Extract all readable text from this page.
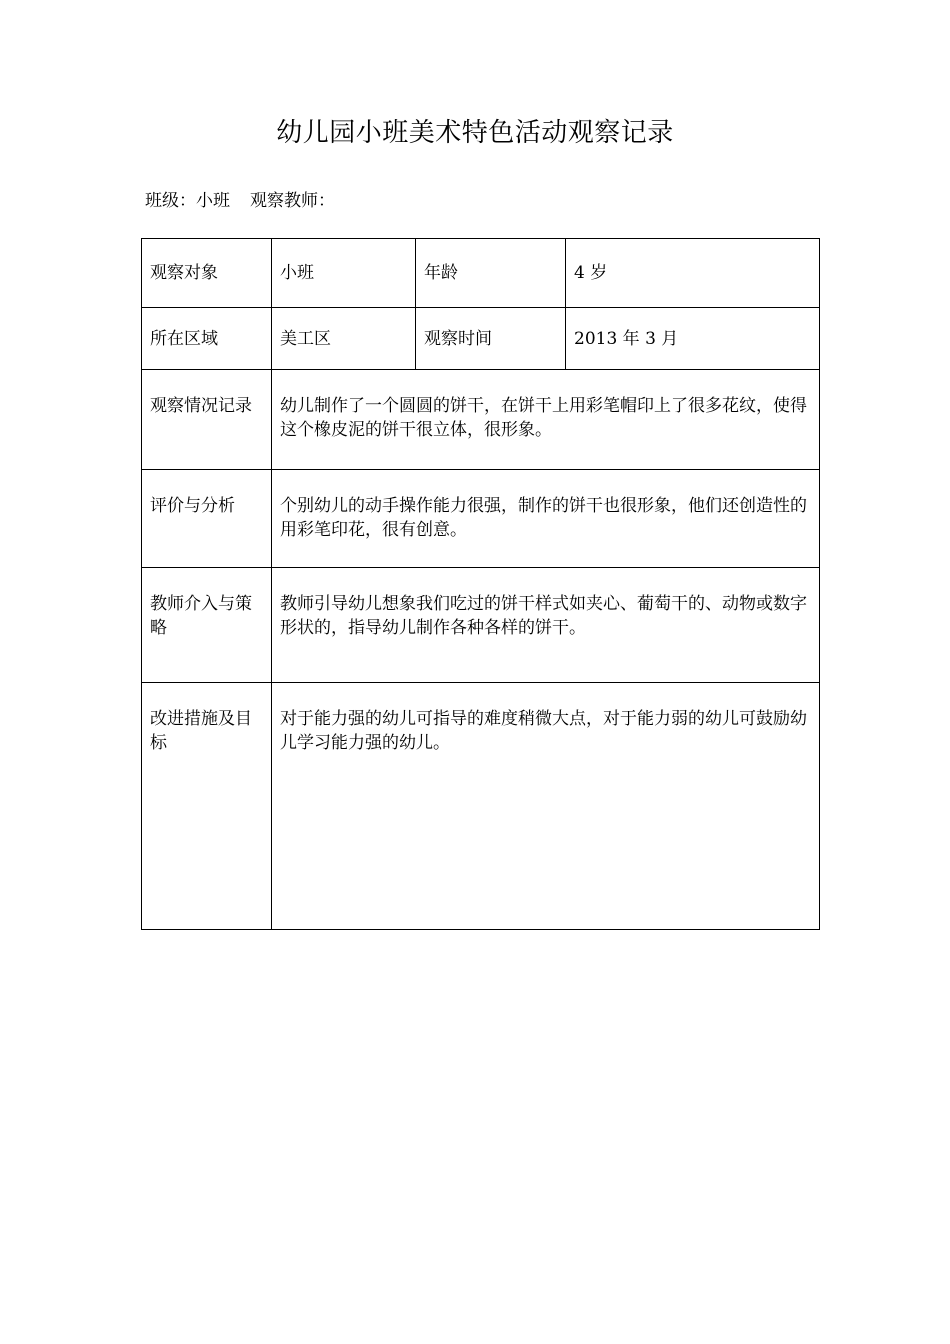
幼儿园小班美术特色活动观察记录
班级：小班 观察教师：
观察对象	小班	年龄	4 岁
所在区域	美工区	观察时间	2013 年 3 月
观察情况记录	幼儿制作了一个圆圆的饼干，在饼干上用彩笔帽印上了很多花纹，使得这个橡皮泥的饼干很立体，很形象。		
评价与分析	个别幼儿的动手操作能力很强，制作的饼干也很形象，他们还创造性的用彩笔印花，很有创意。		
教师介入与策略	教师引导幼儿想象我们吃过的饼干样式如夹心、葡萄干的、动物或数字形状的，指导幼儿制作各种各样的饼干。		
改进措施及目标	对于能力强的幼儿可指导的难度稍微大点，对于能力弱的幼儿可鼓励幼儿学习能力强的幼儿。		
